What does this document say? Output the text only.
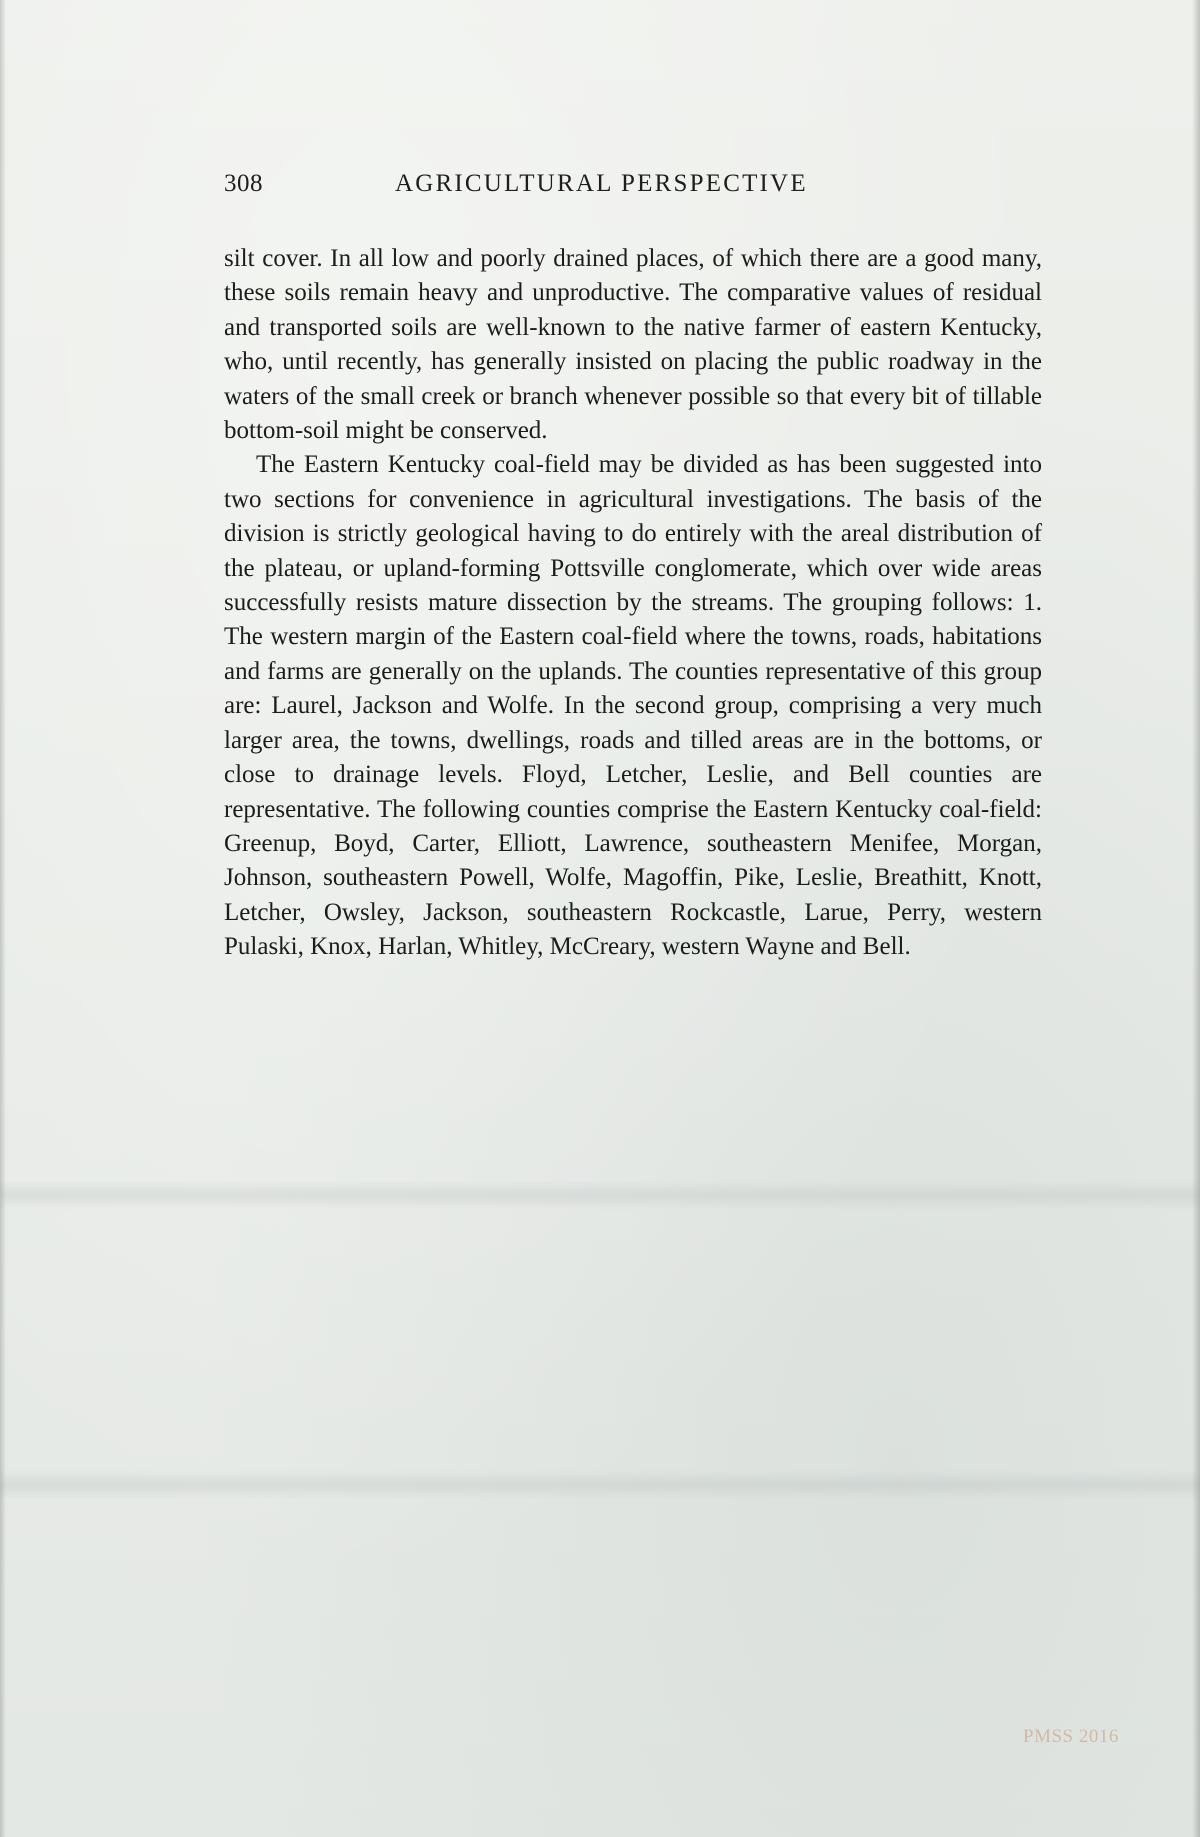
308	AGRICULTURAL PERSPECTIVE

silt cover. In all low and poorly drained places, of which there are a good many, these soils remain heavy and unproductive. The comparative values of residual and transported soils are well-known to the native farmer of eastern Kentucky, who, until recently, has generally insisted on placing the public roadway in the waters of the small creek or branch whenever possible so that every bit of tillable bottom-soil might be conserved.

The Eastern Kentucky coal-field may be divided as has been suggested into two sections for convenience in agricultural investigations. The basis of the division is strictly geological having to do entirely with the areal distribution of the plateau, or upland-forming Pottsville conglomerate, which over wide areas successfully resists mature dissection by the streams. The grouping follows: 1. The western margin of the Eastern coal-field where the towns, roads, habitations and farms are generally on the uplands. The counties representative of this group are: Laurel, Jackson and Wolfe. In the second group, comprising a very much larger area, the towns, dwellings, roads and tilled areas are in the bottoms, or close to drainage levels. Floyd, Letcher, Leslie, and Bell counties are representative. The following counties comprise the Eastern Kentucky coal-field: Greenup, Boyd, Carter, Elliott, Lawrence, southeastern Menifee, Morgan, Johnson, southeastern Powell, Wolfe, Magoffin, Pike, Leslie, Breathitt, Knott, Letcher, Owsley, Jackson, southeastern Rockcastle, Larue, Perry, western Pulaski, Knox, Harlan, Whitley, McCreary, western Wayne and Bell.

PMSS 2016
